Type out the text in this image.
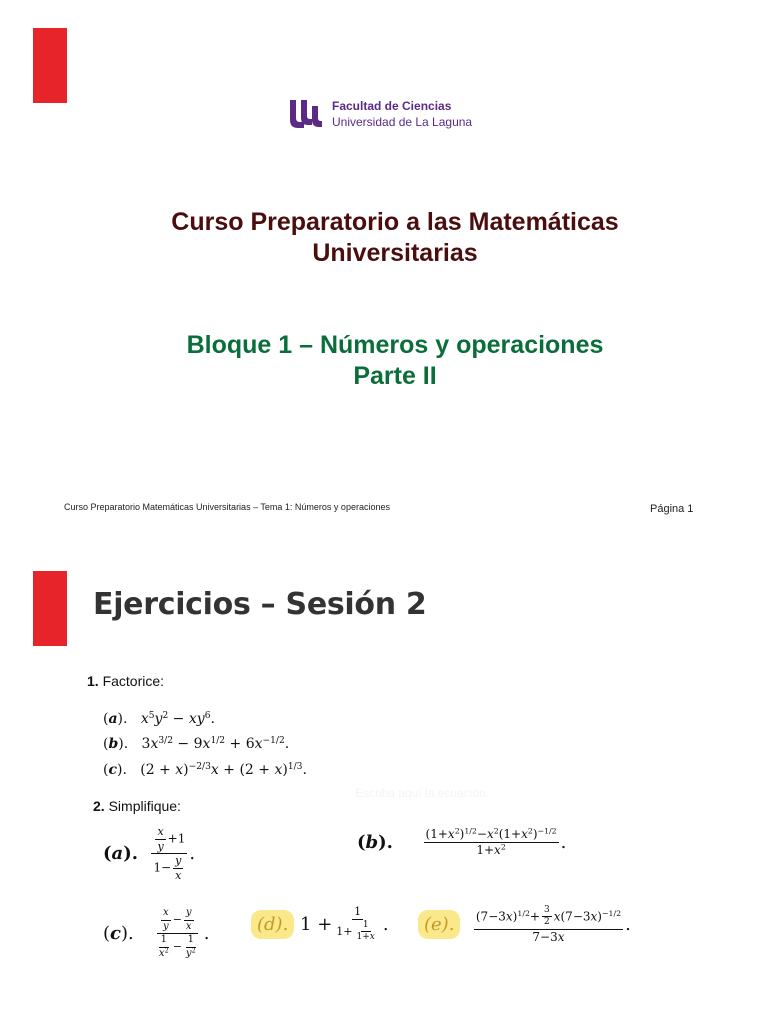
Facultad de Ciencias
Universidad de La Laguna
Curso Preparatorio a las Matemáticas
Universitarias
Bloque 1 – Números y operaciones
Parte II
Curso Preparatorio Matemáticas Universitarias – Tema 1: Números y operaciones	Página 1
Ejercicios – Sesión 2
1. Factorice:
(a).   $x^5y^2 - xy^6$.
(b).   $3x^{3/2} - 9x^{1/2} + 6x^{-1/2}$.
(c).   $(2 + x)^{-2/3}x + (2 + x)^{1/3}$.
Escriba aquí la ecuación.
2. Simplifique:
(a).
$\frac{\frac{x}{y} +1}{1- \frac{y}{x}}$ .
(b).
	$\frac{(1+x^2)^{1/2}-x^2(1+x^2)^{-1/2}}{1+x^2}$ .
(c).
$\frac{\frac{x}{y} - \frac{y}{x}}{\frac{1}{x^2} - \frac{1}{y^2}}$ .	(d).
$1 + \frac{1}{1+ \frac{1}{1+x}}$ .	(e).
	$\frac{(7-3x)^{1/2}+ \frac{3}{2} x(7-3x)^{-1/2}}{7-3x}$ .
